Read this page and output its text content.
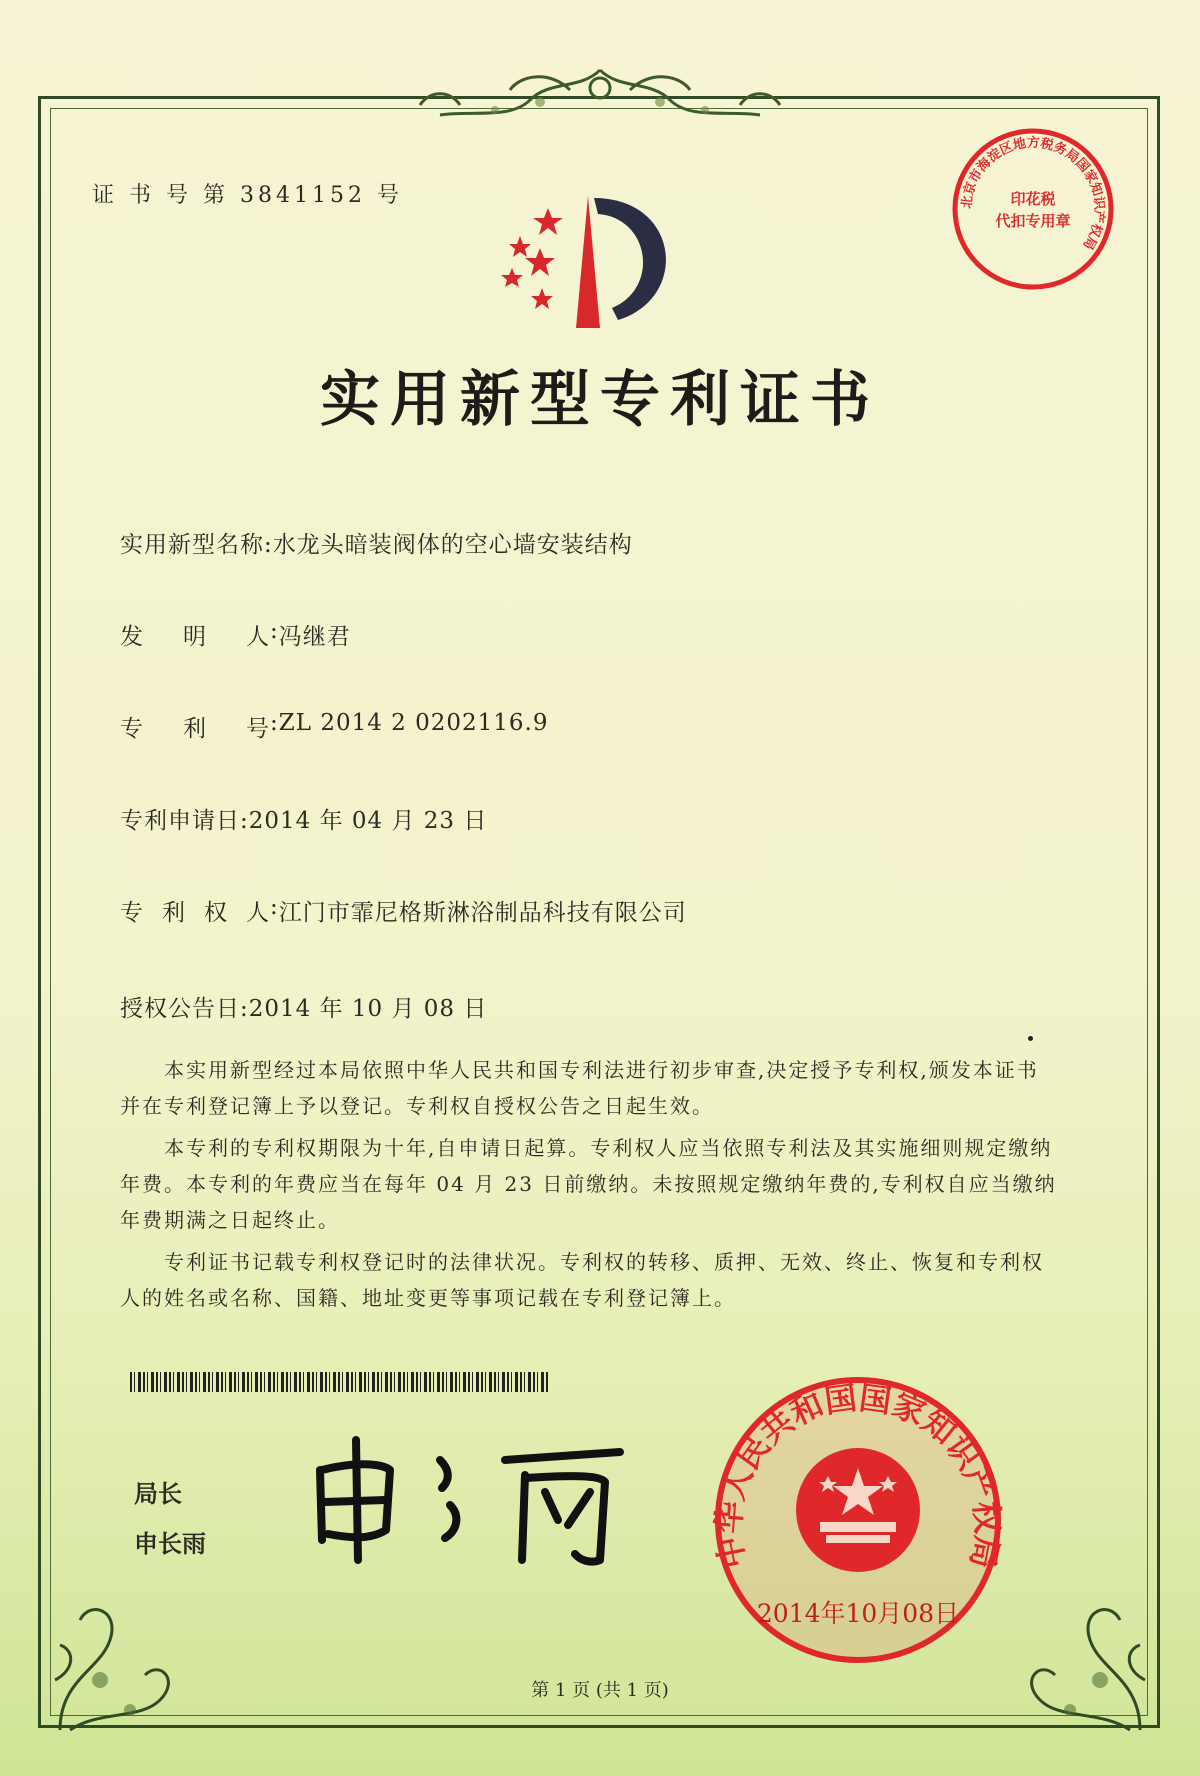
证 书 号 第 3841152 号	北京市海淀区地方税务局国家知识产权局
印花税
代扣专用章
实用新型专利证书
实用新型名称: 水龙头暗装阀体的空心墙安装结构
发 明 人 : 冯继君
专 利 号 : ZL 2014 2 0202116.9
专利申请日: 2014 年 04 月 23 日
专 利 权 人 : 江门市霏尼格斯淋浴制品科技有限公司
授权公告日: 2014 年 10 月 08 日

本实用新型经过本局依照中华人民共和国专利法进行初步审查,决定授予专利权,颁发本证书并在专利登记簿上予以登记。专利权自授权公告之日起生效。

本专利的专利权期限为十年,自申请日起算。专利权人应当依照专利法及其实施细则规定缴纳年费。本专利的年费应当在每年 04 月 23 日前缴纳。未按照规定缴纳年费的,专利权自应当缴纳年费期满之日起终止。

专利证书记载专利权登记时的法律状况。专利权的转移、质押、无效、终止、恢复和专利权人的姓名或名称、国籍、地址变更等事项记载在专利登记簿上。

局长
申长雨	中华人民共和国国家知识产权局
2014年10月08日
第 1 页 (共 1 页)
